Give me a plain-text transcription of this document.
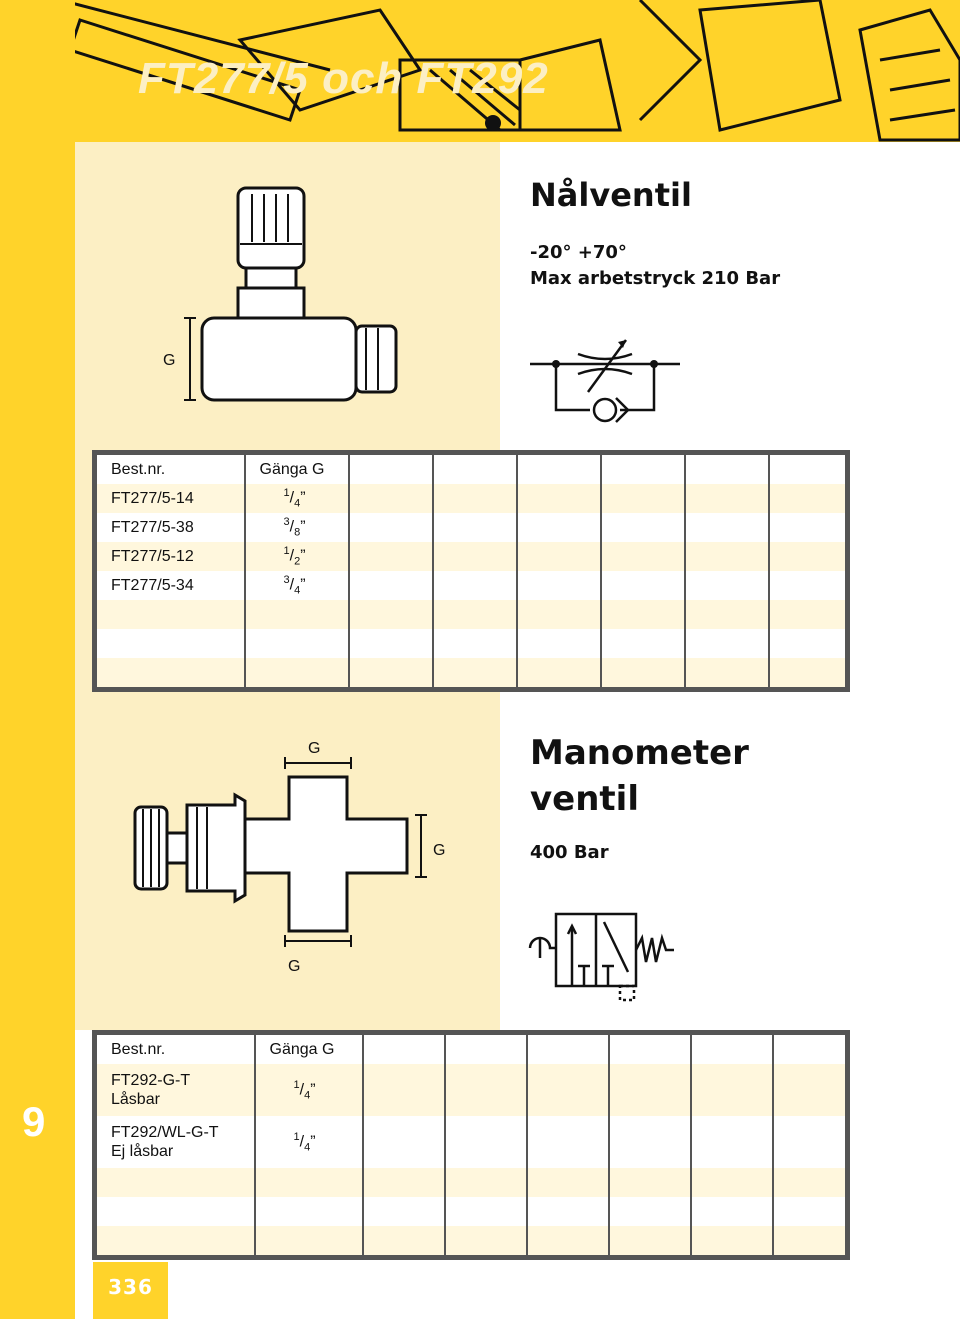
FT277/5 och FT292
G
Nålventil
-20° +70°
Max arbetstryck 210 Bar
Best.nr.	Gänga G						
FT277/5-14	$^1/_4$”						
FT277/5-38	$^3/_8$”						
FT277/5-12	$^1/_2$”						
FT277/5-34	$^3/_4$”						

G
G
G
Manometer
ventil
400 Bar
Best.nr.	Gänga G						

FT292-G-T
Låsbar	$^1/_4$”						

FT292/WL-G-T
Ej låsbar	$^1/_4$”						

9
336
